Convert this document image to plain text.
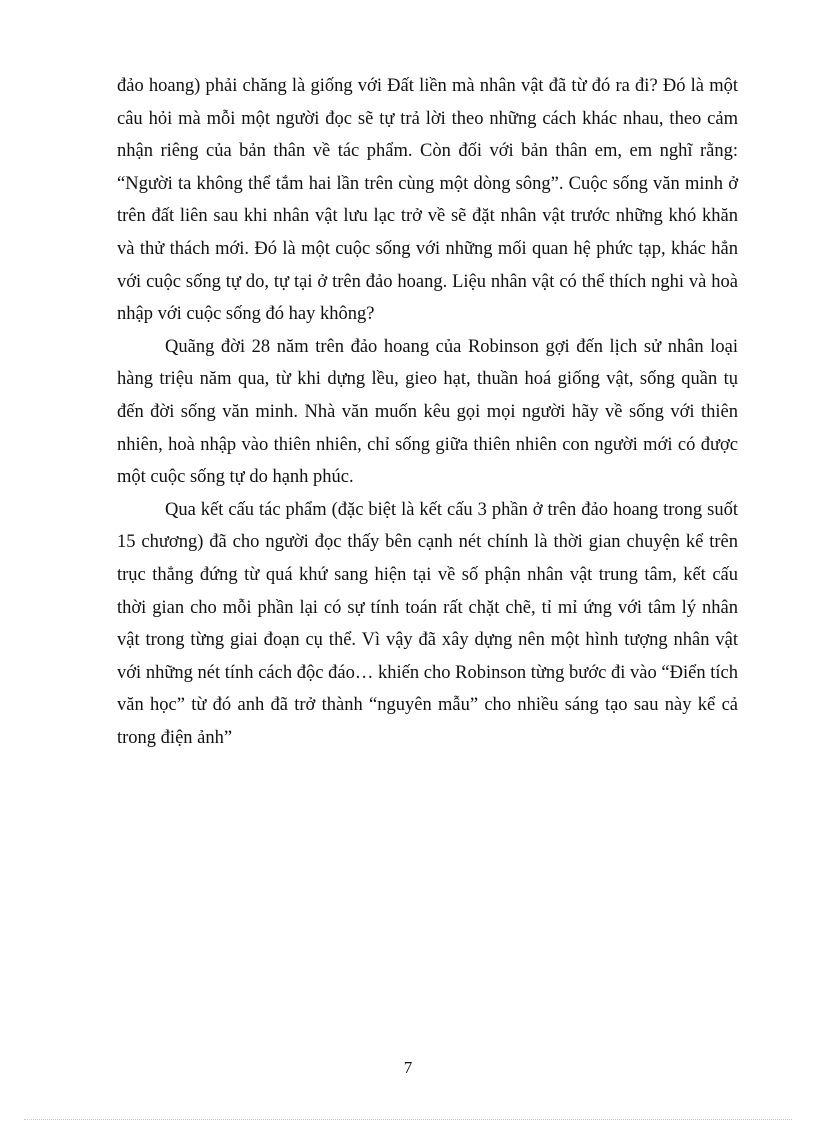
đảo hoang) phải chăng là giống với Đất liền mà nhân vật đã từ đó ra đi? Đó là một câu hỏi mà mỗi một người đọc sẽ tự trả lời theo những cách khác nhau, theo cảm nhận riêng của bản thân về tác phẩm. Còn đối với bản thân em, em nghĩ rằng: “Người ta không thể tắm hai lần trên cùng một dòng sông”. Cuộc sống văn minh ở trên đất liên sau khi nhân vật lưu lạc trở về sẽ đặt nhân vật trước những khó khăn và thử thách mới. Đó là một cuộc sống với những mối quan hệ phức tạp, khác hẳn với cuộc sống tự do, tự tại ở trên đảo hoang. Liệu nhân vật có thể thích nghi và hoà nhập với cuộc sống đó hay không?

Quãng đời 28 năm trên đảo hoang của Robinson gợi đến lịch sử nhân loại hàng triệu năm qua, từ khi dựng lều, gieo hạt, thuần hoá giống vật, sống quần tụ đến đời sống văn minh. Nhà văn muốn kêu gọi mọi người hãy về sống với thiên nhiên, hoà nhập vào thiên nhiên, chỉ sống giữa thiên nhiên con người mới có được một cuộc sống tự do hạnh phúc.

Qua kết cấu tác phẩm (đặc biệt là kết cấu 3 phần ở trên đảo hoang trong suốt 15 chương) đã cho người đọc thấy bên cạnh nét chính là thời gian chuyện kể trên trục thẳng đứng từ quá khứ sang hiện tại về số phận nhân vật trung tâm, kết cấu thời gian cho mỗi phần lại có sự tính toán rất chặt chẽ, tỉ mỉ ứng với tâm lý nhân vật trong từng giai đoạn cụ thể. Vì vậy đã xây dựng nên một hình tượng nhân vật với những nét tính cách độc đáo… khiến cho Robinson từng bước đi vào “Điển tích văn học” từ đó anh đã trở thành “nguyên mẫu” cho nhiều sáng tạo sau này kể cả trong điện ảnh”

7
